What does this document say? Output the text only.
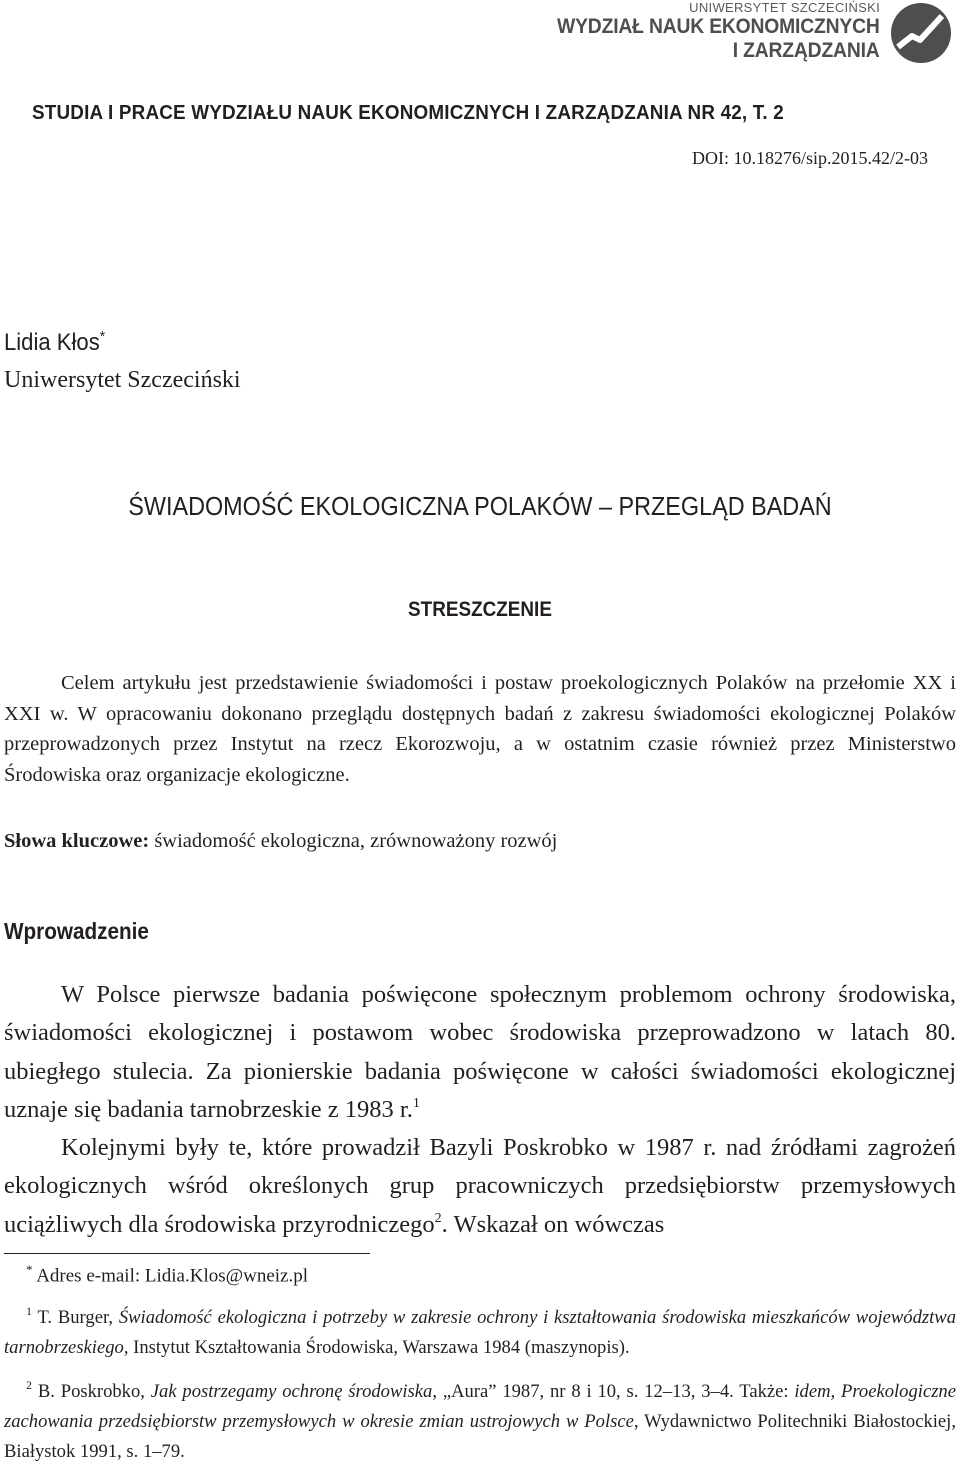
UNIWERSYTET SZCZECIŃSKI
WYDZIAŁ NAUK EKONOMICZNYCH
I ZARZĄDZANIA
STUDIA I PRACE WYDZIAŁU NAUK EKONOMICZNYCH I ZARZĄDZANIA NR 42, T. 2
DOI: 10.18276/sip.2015.42/2-03
Lidia Kłos*
Uniwersytet Szczeciński
ŚWIADOMOŚĆ EKOLOGICZNA POLAKÓW – PRZEGLĄD BADAŃ
STRESZCZENIE

Celem artykułu jest przedstawienie świadomości i postaw proekologicznych Polaków na przełomie XX i XXI w. W opracowaniu dokonano przeglądu dostępnych badań z zakresu świadomości ekologicznej Polaków przeprowadzonych przez Instytut na rzecz Ekorozwoju, a w ostatnim czasie również przez Ministerstwo Środowiska oraz organizacje ekologiczne.

Słowa kluczowe: świadomość ekologiczna, zrównoważony rozwój

Wprowadzenie

W Polsce pierwsze badania poświęcone społecznym problemom ochrony środowiska, świadomości ekologicznej i postawom wobec środowiska przeprowadzono w latach 80. ubiegłego stulecia. Za pionierskie badania poświęcone w całości świadomości ekologicznej uznaje się badania tarnobrzeskie z 1983 r.$^1$

Kolejnymi były te, które prowadził Bazyli Poskrobko w 1987 r. nad źródłami zagrożeń ekologicznych wśród określonych grup pracowniczych przedsiębiorstw przemysłowych uciążliwych dla środowiska przyrodniczego$^2$. Wskazał on wówczas

* Adres e-mail: Lidia.Klos@wneiz.pl

$^1$ T. Burger, Świadomość ekologiczna i potrzeby w zakresie ochrony i kształtowania środowiska mieszkańców województwa tarnobrzeskiego, Instytut Kształtowania Środowiska, Warszawa 1984 (maszynopis).

$^2$ B. Poskrobko, Jak postrzegamy ochronę środowiska, „Aura” 1987, nr 8 i 10, s. 12–13, 3–4. Także: idem, Proekologiczne zachowania przedsiębiorstw przemysłowych w okresie zmian ustrojowych w Polsce, Wydawnictwo Politechniki Białostockiej, Białystok 1991, s. 1–79.
